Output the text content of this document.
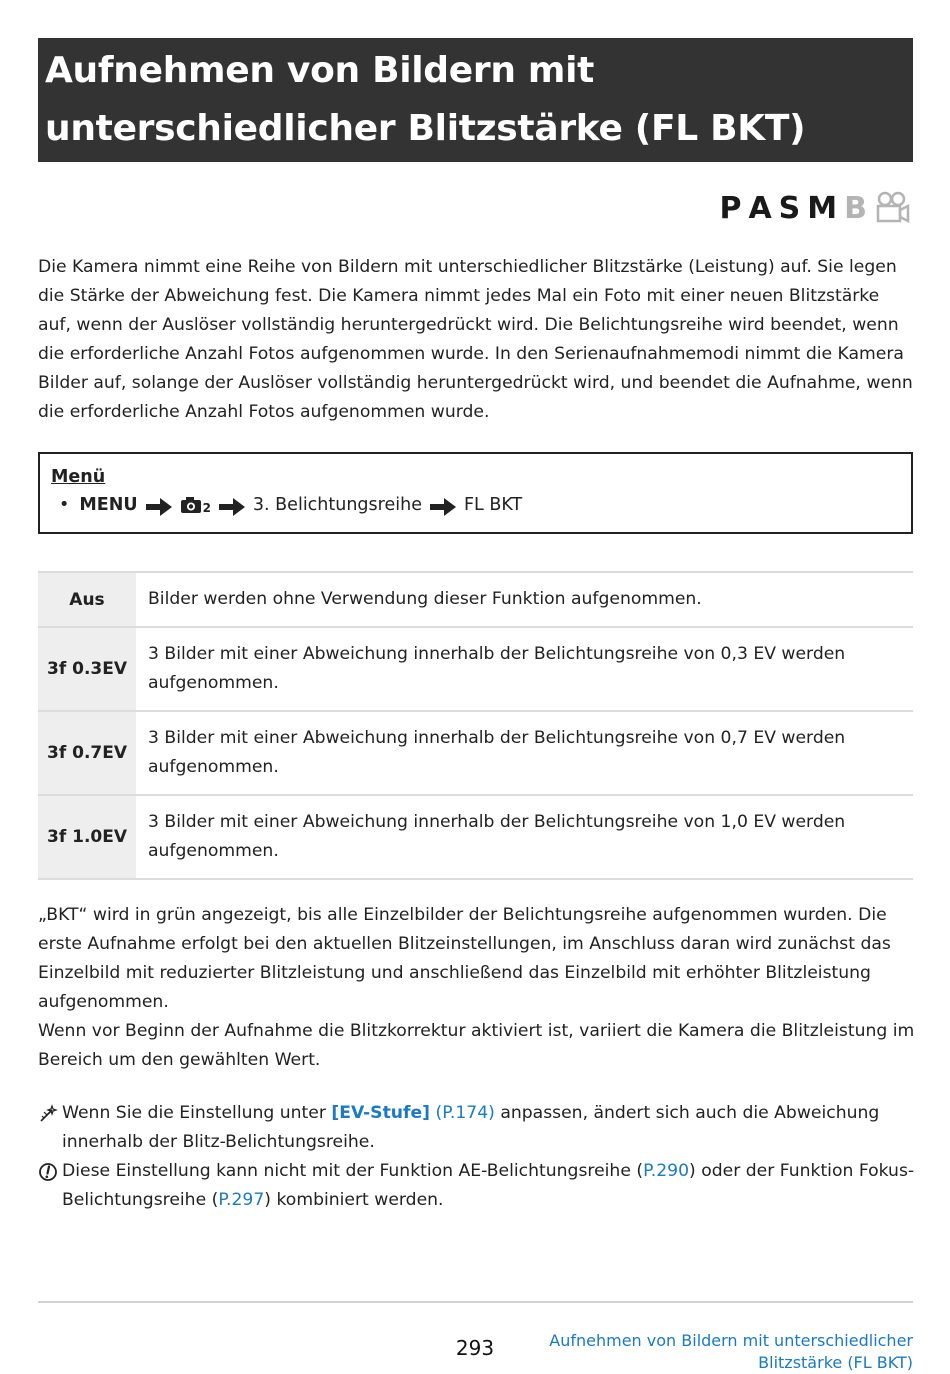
Aufnehmen von Bildern mit unterschiedlicher Blitzstärke (FL BKT)
P A S M B

Die Kamera nimmt eine Reihe von Bildern mit unterschiedlicher Blitzstärke (Leistung) auf. Sie legen die Stärke der Abweichung fest. Die Kamera nimmt jedes Mal ein Foto mit einer neuen Blitzstärke auf, wenn der Auslöser vollständig heruntergedrückt wird. Die Belichtungsreihe wird beendet, wenn die erforderliche Anzahl Fotos aufgenommen wurde. In den Serienaufnahmemodi nimmt die Kamera Bilder auf, solange der Auslöser vollständig heruntergedrückt wird, und beendet die Aufnahme, wenn die erforderliche Anzahl Fotos aufgenommen wurde.

Menü
• MENU	2 3. Belichtungsreihe FL BKT
Aus	Bilder werden ohne Verwendung dieser Funktion aufgenommen.
3f 0.3EV	3 Bilder mit einer Abweichung innerhalb der Belichtungsreihe von 0,3 EV werden aufgenommen.
3f 0.7EV	3 Bilder mit einer Abweichung innerhalb der Belichtungsreihe von 0,7 EV werden aufgenommen.
3f 1.0EV	3 Bilder mit einer Abweichung innerhalb der Belichtungsreihe von 1,0 EV werden aufgenommen.

„BKT“ wird in grün angezeigt, bis alle Einzelbilder der Belichtungsreihe aufgenommen wurden. Die erste Aufnahme erfolgt bei den aktuellen Blitzeinstellungen, im Anschluss daran wird zunächst das Einzelbild mit reduzierter Blitzleistung und anschließend das Einzelbild mit erhöhter Blitzleistung aufgenommen.

Wenn vor Beginn der Aufnahme die Blitzkorrektur aktiviert ist, variiert die Kamera die Blitzleistung im Bereich um den gewählten Wert.

Wenn Sie die Einstellung unter [EV-Stufe] (P.174) anpassen, ändert sich auch die Abweichung innerhalb der Blitz-Belichtungsreihe.
Diese Einstellung kann nicht mit der Funktion AE-Belichtungsreihe (P.290) oder der Funktion Fokus-Belichtungsreihe (P.297) kombiniert werden.
293	Aufnehmen von Bildern mit unterschiedlicher
Blitzstärke (FL BKT)
